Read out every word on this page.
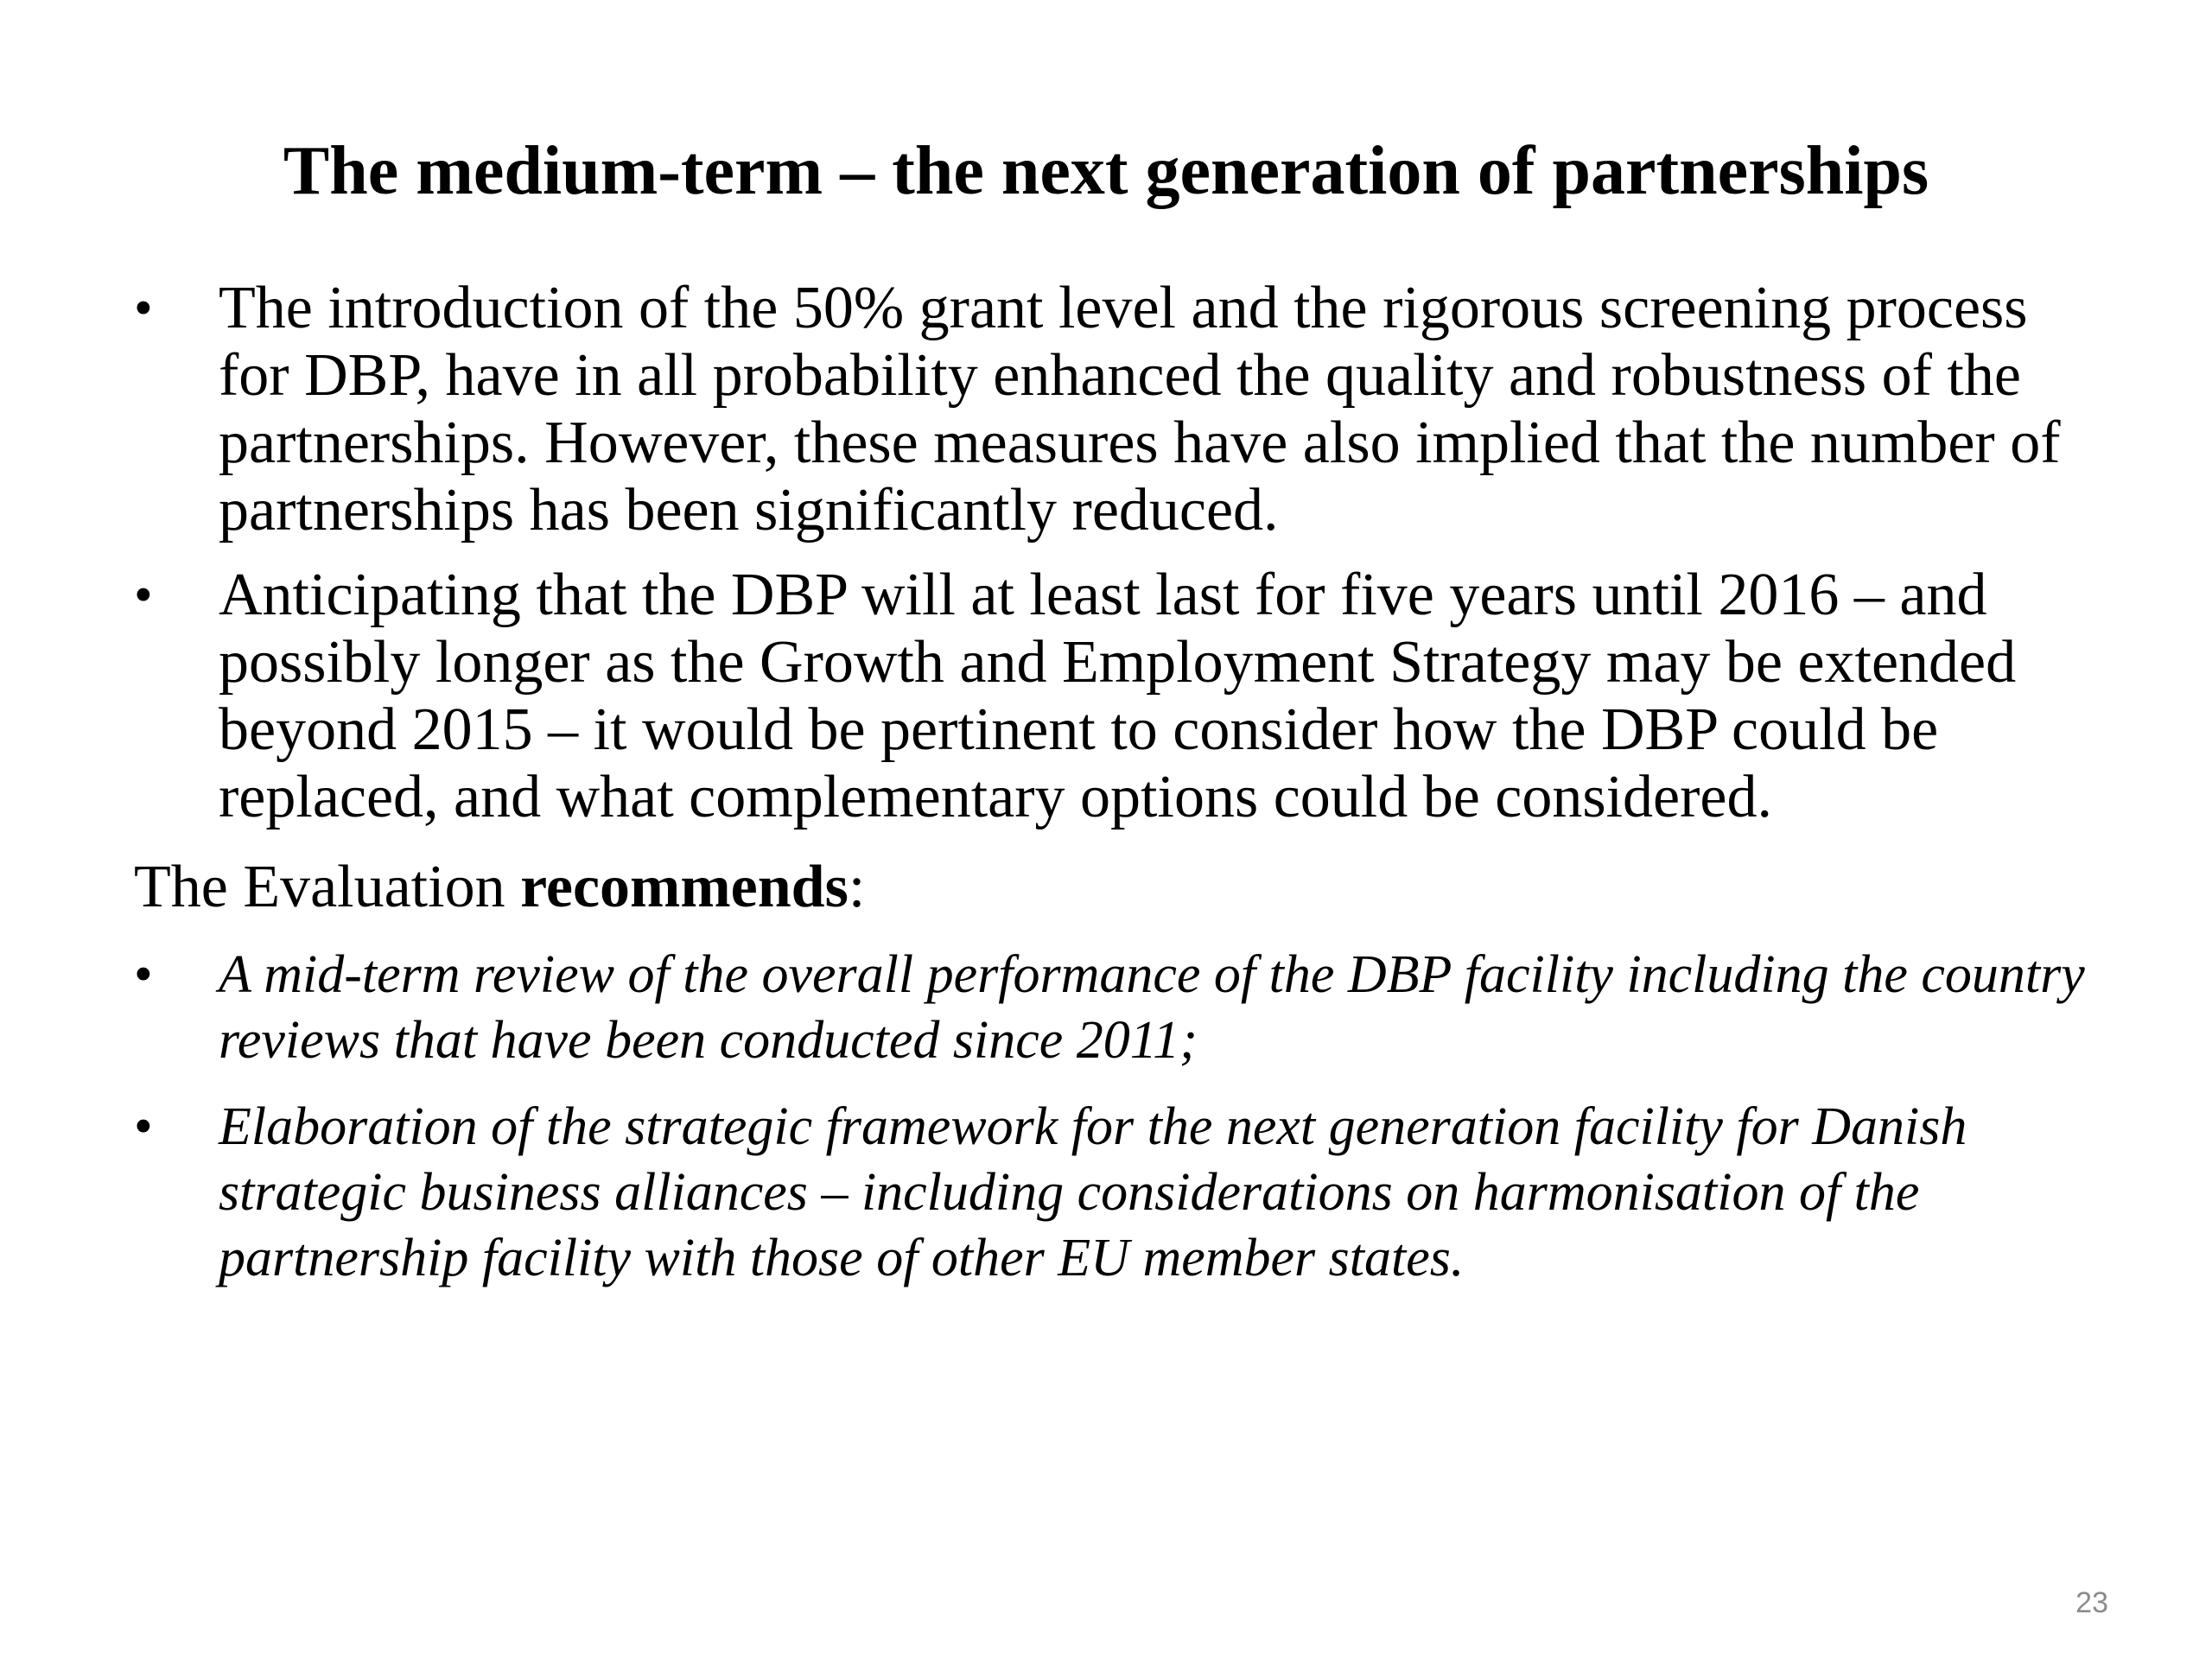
The medium-term – the next generation of partnerships
• The introduction of the 50% grant level and the rigorous screening process for DBP, have in all probability enhanced the quality and robustness of the partnerships. However, these measures have also implied that the number of partnerships has been significantly reduced.
• Anticipating that the DBP will at least last for five years until 2016 – and possibly longer as the Growth and Employment Strategy may be extended beyond 2015 – it would be pertinent to consider how the DBP could be replaced, and what complementary options could be considered.
The Evaluation recommends:
• A mid-term review of the overall performance of the DBP facility including the country reviews that have been conducted since 2011;
• Elaboration of the strategic framework for the next generation facility for Danish strategic business alliances – including considerations on harmonisation of the partnership facility with those of other EU member states.
23
